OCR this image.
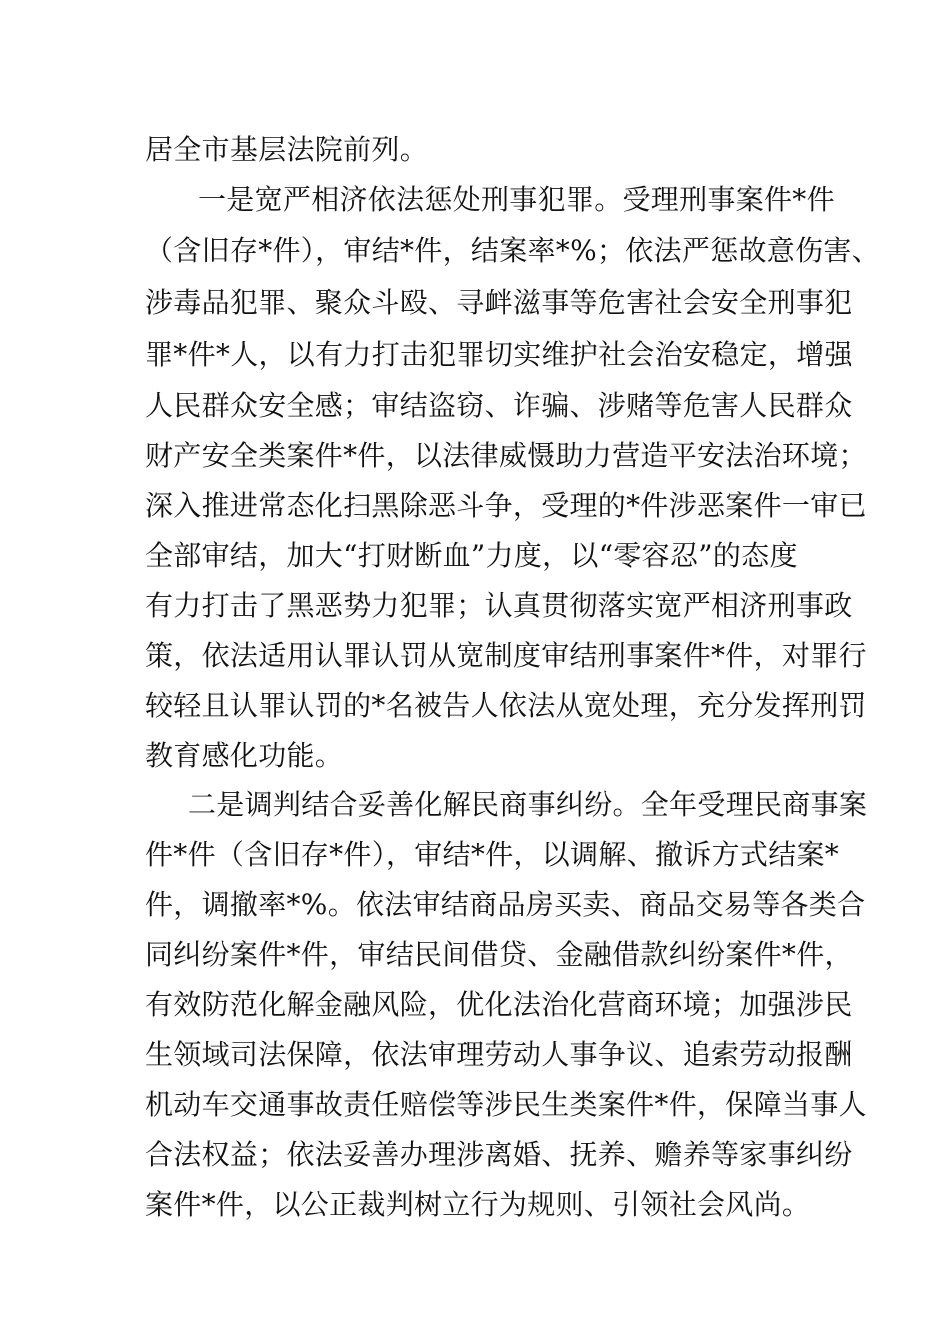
居全市基层法院前列。
一是宽严相济依法惩处刑事犯罪。受理刑事案件*件
（含旧存*件），审结*件，结案率*%；依法严惩故意伤害、
涉毒品犯罪、聚众斗殴、寻衅滋事等危害社会安全刑事犯
罪*件*人，以有力打击犯罪切实维护社会治安稳定，增强
人民群众安全感；审结盗窃、诈骗、涉赌等危害人民群众
财产安全类案件*件，以法律威慑助力营造平安法治环境；
深入推进常态化扫黑除恶斗争，受理的*件涉恶案件一审已
全部审结，加大“打财断血”力度，以“零容忍”的态度
有力打击了黑恶势力犯罪；认真贯彻落实宽严相济刑事政
策，依法适用认罪认罚从宽制度审结刑事案件*件，对罪行
较轻且认罪认罚的*名被告人依法从宽处理，充分发挥刑罚
教育感化功能。
二是调判结合妥善化解民商事纠纷。全年受理民商事案
件*件（含旧存*件），审结*件，以调解、撤诉方式结案*
件，调撤率*%。依法审结商品房买卖、商品交易等各类合
同纠纷案件*件，审结民间借贷、金融借款纠纷案件*件，
有效防范化解金融风险，优化法治化营商环境；加强涉民
生领域司法保障，依法审理劳动人事争议、追索劳动报酬
机动车交通事故责任赔偿等涉民生类案件*件，保障当事人
合法权益；依法妥善办理涉离婚、抚养、赡养等家事纠纷
案件*件，以公正裁判树立行为规则、引领社会风尚。
